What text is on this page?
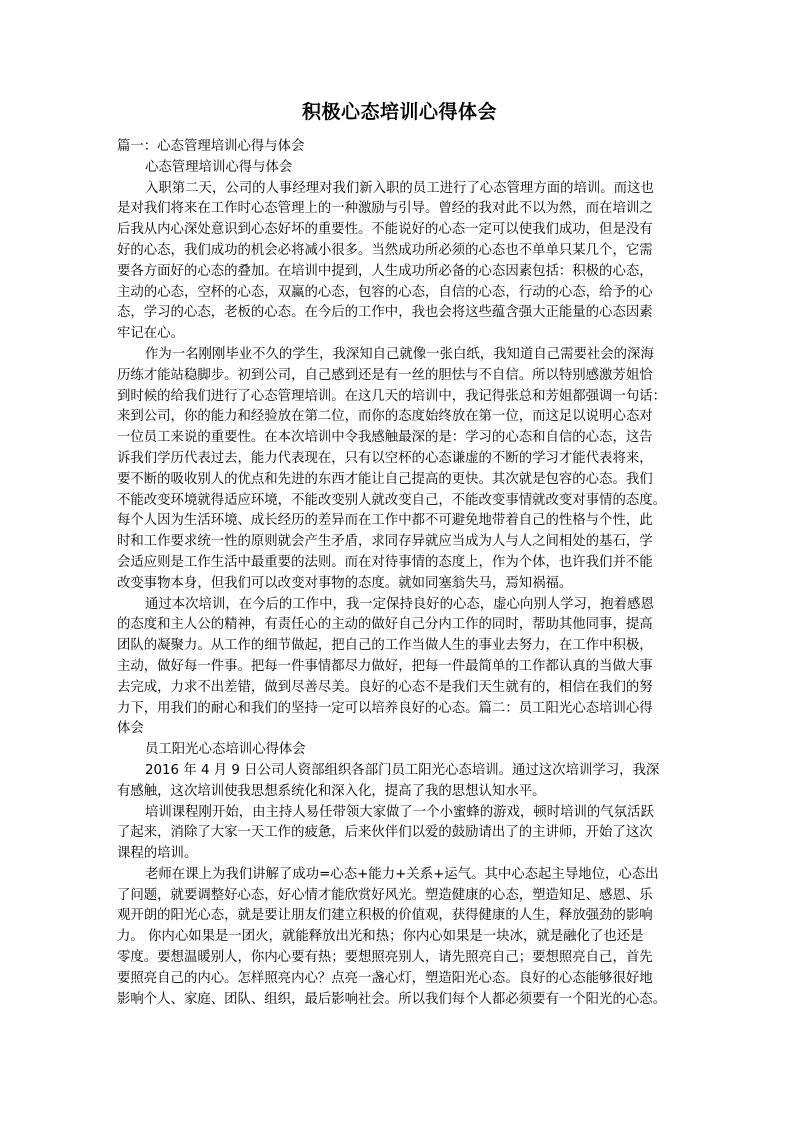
积极心态培训心得体会
篇一：心态管理培训心得与体会
心态管理培训心得与体会
入职第二天，公司的人事经理对我们新入职的员工进行了心态管理方面的培训。而这也
是对我们将来在工作时心态管理上的一种激励与引导。曾经的我对此不以为然，而在培训之
后我从内心深处意识到心态好坏的重要性。不能说好的心态一定可以使我们成功，但是没有
好的心态，我们成功的机会必将减小很多。当然成功所必须的心态也不单单只某几个，它需
要各方面好的心态的叠加。在培训中提到，人生成功所必备的心态因素包括：积极的心态，
主动的心态，空杯的心态，双赢的心态，包容的心态，自信的心态，行动的心态，给予的心
态，学习的心态，老板的心态。在今后的工作中，我也会将这些蕴含强大正能量的心态因素
牢记在心。
作为一名刚刚毕业不久的学生，我深知自己就像一张白纸，我知道自己需要社会的深海
历练才能站稳脚步。初到公司，自己感到还是有一丝的胆怯与不自信。所以特别感激芳姐恰
到时候的给我们进行了心态管理培训。在这几天的培训中，我记得张总和芳姐都强调一句话：
来到公司，你的能力和经验放在第二位，而你的态度始终放在第一位，而这足以说明心态对
一位员工来说的重要性。在本次培训中令我感触最深的是：学习的心态和自信的心态，这告
诉我们学历代表过去，能力代表现在，只有以空杯的心态谦虚的不断的学习才能代表将来，
要不断的吸收别人的优点和先进的东西才能让自己提高的更快。其次就是包容的心态。我们
不能改变环境就得适应环境，不能改变别人就改变自己，不能改变事情就改变对事情的态度。
每个人因为生活环境、成长经历的差异而在工作中都不可避免地带着自己的性格与个性，此
时和工作要求统一性的原则就会产生矛盾，求同存异就应当成为人与人之间相处的基石，学
会适应则是工作生活中最重要的法则。而在对待事情的态度上，作为个体，也许我们并不能
改变事物本身，但我们可以改变对事物的态度。就如同塞翁失马，焉知祸福。
通过本次培训，在今后的工作中，我一定保持良好的心态，虚心向别人学习，抱着感恩
的态度和主人公的精神，有责任心的主动的做好自己分内工作的同时，帮助其他同事，提高
团队的凝聚力。从工作的细节做起，把自己的工作当做人生的事业去努力，在工作中积极，
主动，做好每一件事。把每一件事情都尽力做好，把每一件最简单的工作都认真的当做大事
去完成，力求不出差错，做到尽善尽美。良好的心态不是我们天生就有的，相信在我们的努
力下，用我们的耐心和我们的坚持一定可以培养良好的心态。篇二：员工阳光心态培训心得
体会
员工阳光心态培训心得体会
2016 年 4 月 9 日公司人资部组织各部门员工阳光心态培训。通过这次培训学习，我深
有感触，这次培训使我思想系统化和深入化，提高了我的思想认知水平。
培训课程刚开始，由主持人易任带领大家做了一个小蜜蜂的游戏，顿时培训的气氛活跃
了起来，消除了大家一天工作的疲惫，后来伙伴们以爱的鼓励请出了的主讲师，开始了这次
课程的培训。
老师在课上为我们讲解了成功=心态+能力+关系+运气。其中心态起主导地位，心态出
了问题，就要调整好心态，好心情才能欣赏好风光。塑造健康的心态，塑造知足、感恩、乐
观开朗的阳光心态，就是要让朋友们建立积极的价值观，获得健康的人生，释放强劲的影响
力。 你内心如果是一团火，就能释放出光和热；你内心如果是一块冰，就是融化了也还是
零度。要想温暖别人，你内心要有热；要想照亮别人，请先照亮自己；要想照亮自己，首先
要照亮自己的内心。怎样照亮内心？点亮一盏心灯，塑造阳光心态。良好的心态能够很好地
影响个人、家庭、团队、组织，最后影响社会。所以我们每个人都必须要有一个阳光的心态。
